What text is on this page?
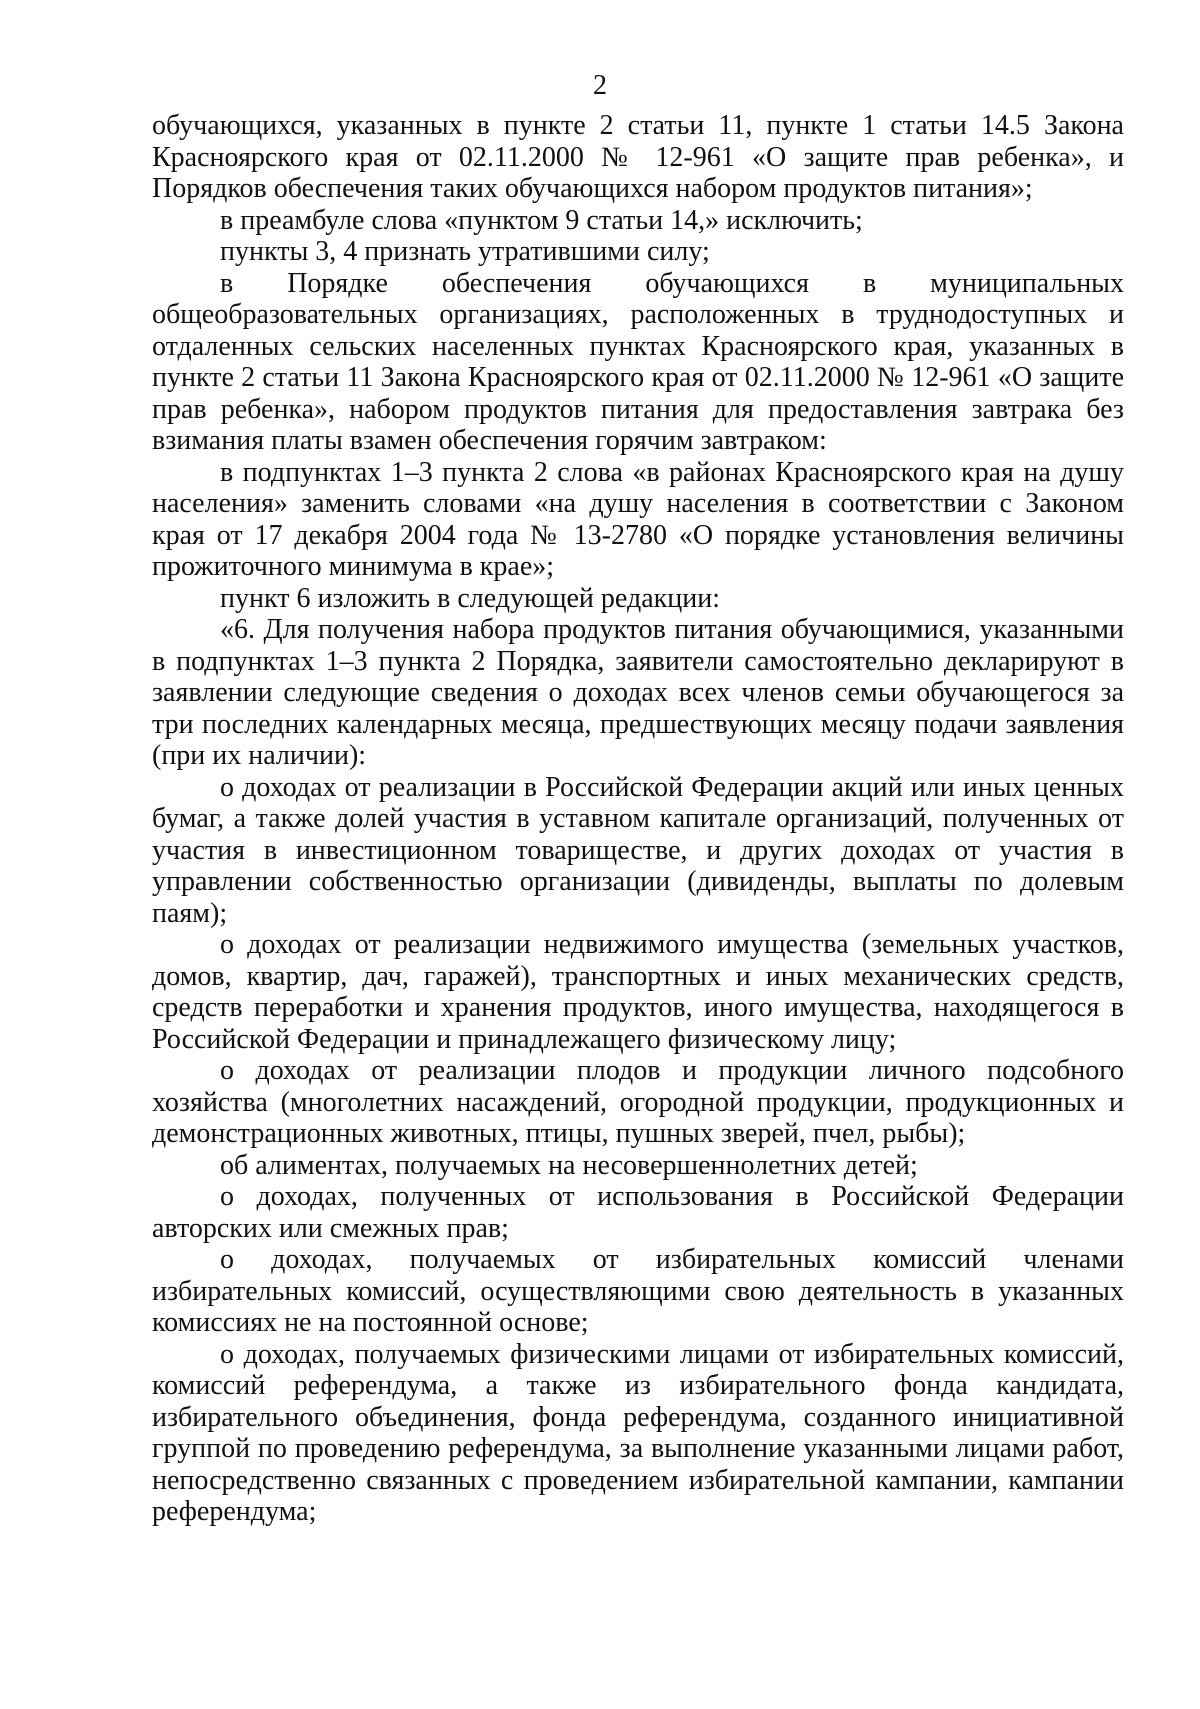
2

обучающихся, указанных в пункте 2 статьи 11, пункте 1 статьи 14.5 Закона Красноярского края от 02.11.2000 № 12-961 «О защите прав ребенка», и Порядков обеспечения таких обучающихся набором продуктов питания»;

в преамбуле слова «пунктом 9 статьи 14,» исключить;

пункты 3, 4 признать утратившими силу;

в Порядке обеспечения обучающихся в муниципальных общеобразовательных организациях, расположенных в труднодоступных и отдаленных сельских населенных пунктах Красноярского края, указанных в пункте 2 статьи 11 Закона Красноярского края от 02.11.2000 № 12-961 «О защите прав ребенка», набором продуктов питания для предоставления завтрака без взимания платы взамен обеспечения горячим завтраком:

в подпунктах 1–3 пункта 2 слова «в районах Красноярского края на душу населения» заменить словами «на душу населения в соответствии с Законом края от 17 декабря 2004 года № 13-2780 «О порядке установления величины прожиточного минимума в крае»;

пункт 6 изложить в следующей редакции:

«6. Для получения набора продуктов питания обучающимися, указанными в подпунктах 1–3 пункта 2 Порядка, заявители самостоятельно декларируют в заявлении следующие сведения о доходах всех членов семьи обучающегося за три последних календарных месяца, предшествующих месяцу подачи заявления (при их наличии):

о доходах от реализации в Российской Федерации акций или иных ценных бумаг, а также долей участия в уставном капитале организаций, полученных от участия в инвестиционном товариществе, и других доходах от участия в управлении собственностью организации (дивиденды, выплаты по долевым паям);

о доходах от реализации недвижимого имущества (земельных участков, домов, квартир, дач, гаражей), транспортных и иных механических средств, средств переработки и хранения продуктов, иного имущества, находящегося в Российской Федерации и принадлежащего физическому лицу;

о доходах от реализации плодов и продукции личного подсобного хозяйства (многолетних насаждений, огородной продукции, продукционных и демонстрационных животных, птицы, пушных зверей, пчел, рыбы);

об алиментах, получаемых на несовершеннолетних детей;

о доходах, полученных от использования в Российской Федерации авторских или смежных прав;

о доходах, получаемых от избирательных комиссий членами избирательных комиссий, осуществляющими свою деятельность в указанных комиссиях не на постоянной основе;

о доходах, получаемых физическими лицами от избирательных комиссий, комиссий референдума, а также из избирательного фонда кандидата, избирательного объединения, фонда референдума, созданного инициативной группой по проведению референдума, за выполнение указанными лицами работ, непосредственно связанных с проведением избирательной кампании, кампании референдума;
